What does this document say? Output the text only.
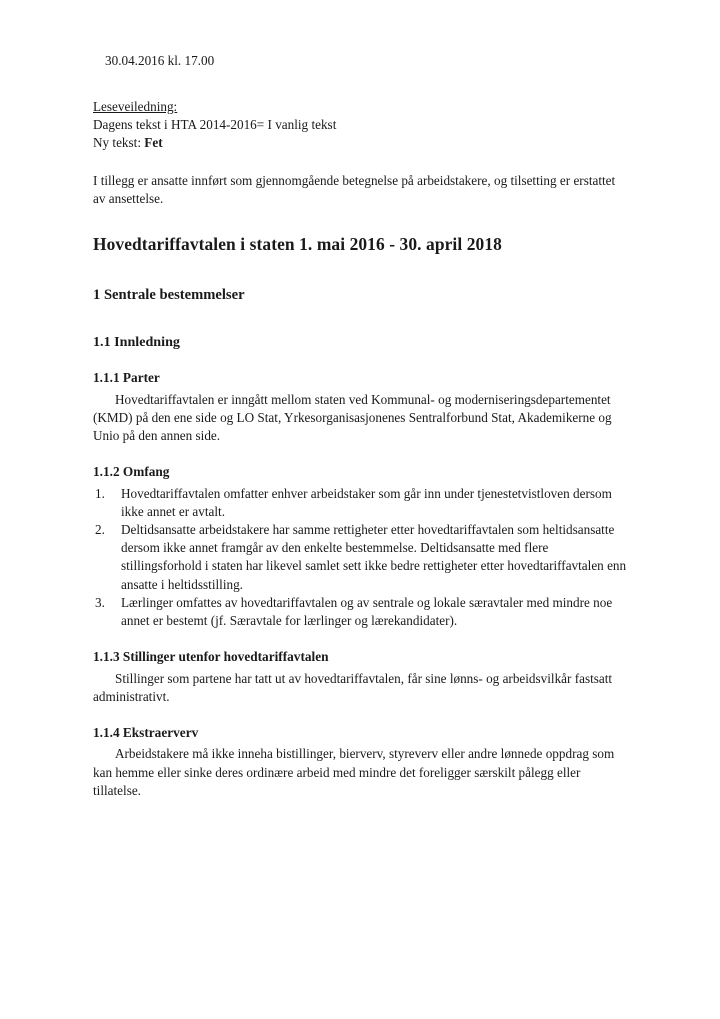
30.04.2016 kl. 17.00

Leseveiledning:
Dagens tekst i HTA 2014-2016= I vanlig tekst
Ny tekst: Fet

I tillegg er ansatte innført som gjennomgående betegnelse på arbeidstakere, og tilsetting er erstattet av ansettelse.

Hovedtariffavtalen i staten 1. mai 2016 - 30. april 2018
1 Sentrale bestemmelser
1.1 Innledning
1.1.1 Parter

Hovedtariffavtalen er inngått mellom staten ved Kommunal- og moderniseringsdepartementet (KMD) på den ene side og LO Stat, Yrkesorganisasjonenes Sentralforbund Stat, Akademikerne og Unio på den annen side.

1.1.2 Omfang
1.	Hovedtariffavtalen omfatter enhver arbeidstaker som går inn under tjenestetvistloven dersom ikke annet er avtalt.
2.	Deltidsansatte arbeidstakere har samme rettigheter etter hovedtariffavtalen som heltidsansatte dersom ikke annet framgår av den enkelte bestemmelse. Deltidsansatte med flere stillingsforhold i staten har likevel samlet sett ikke bedre rettigheter etter hovedtariffavtalen enn ansatte i heltidsstilling.
3.	Lærlinger omfattes av hovedtariffavtalen og av sentrale og lokale særavtaler med mindre noe annet er bestemt (jf. Særavtale for lærlinger og lærekandidater).
1.1.3 Stillinger utenfor hovedtariffavtalen

Stillinger som partene har tatt ut av hovedtariffavtalen, får sine lønns- og arbeidsvilkår fastsatt administrativt.

1.1.4 Ekstraerverv

Arbeidstakere må ikke inneha bistillinger, bierverv, styreverv eller andre lønnede oppdrag som kan hemme eller sinke deres ordinære arbeid med mindre det foreligger særskilt pålegg eller tillatelse.
